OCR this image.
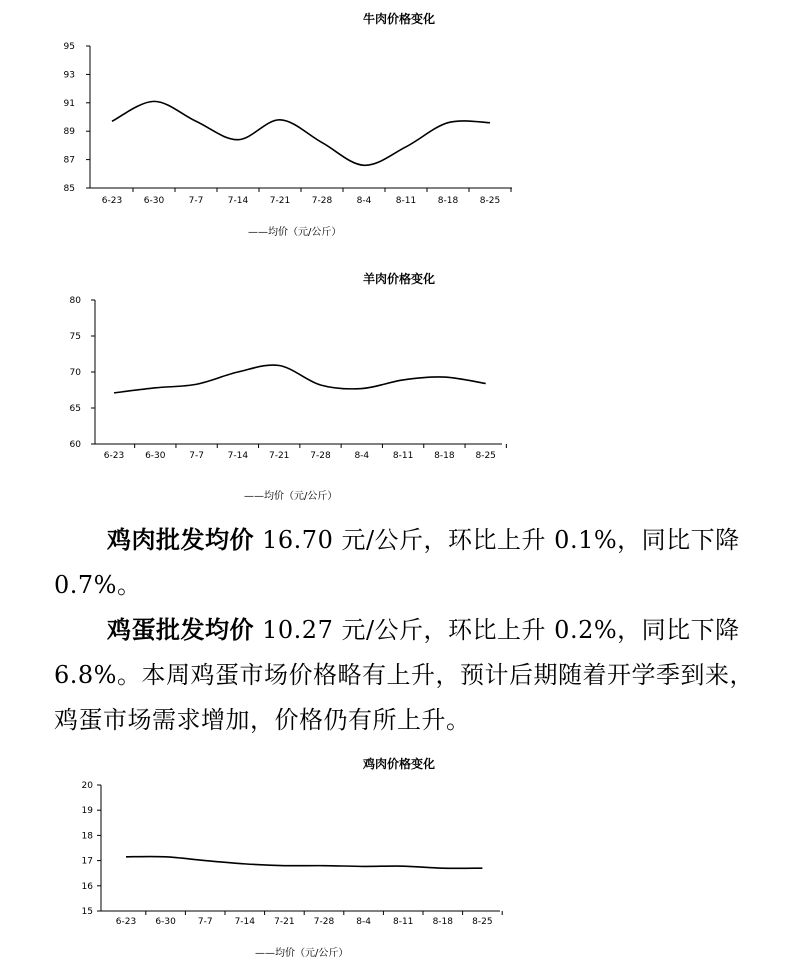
牛肉价格变化
85
87
89
91
93
95
6-23 6-30	7-7	7-14 7-21 7-28	8-4	8-11 8-18 8-25
——均价（元/公斤）
羊肉价格变化
60
65
70
75
80
6-23 6-30	7-7	7-14 7-21 7-28	8-4	8-11 8-18 8-25
——均价（元/公斤）
鸡肉批发均价 16.70 元/公斤，环比上升 0.1%，同比下降 0.7%。
鸡蛋批发均价 10.27 元/公斤，环比上升 0.2%，同比下降 6.8%。本周鸡蛋市场价格略有上升，预计后期随着开学季到来，鸡蛋市场需求增加，价格仍有所上升。
鸡肉价格变化
15
16
17
18
19
20
6-23 6-30 7-7 7-14 7-21 7-28 8-4 8-11 8-18 8-25
——均价（元/公斤）
